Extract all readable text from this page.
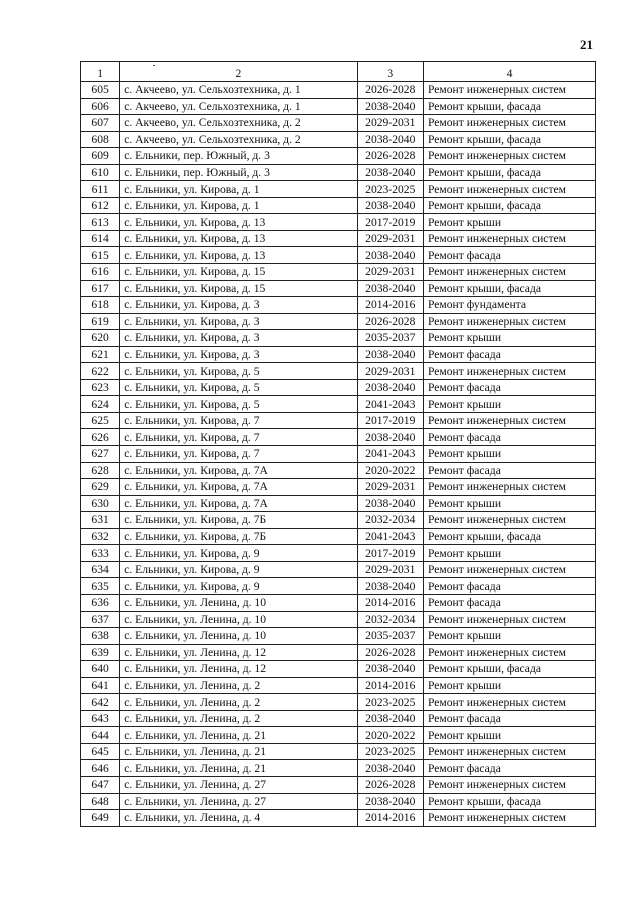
21
1	2	3	4
605	с. Акчеево, ул. Сельхозтехника, д. 1	2026-2028	Ремонт инженерных систем
606	с. Акчеево, ул. Сельхозтехника, д. 1	2038-2040	Ремонт крыши, фасада
607	с. Акчеево, ул. Сельхозтехника, д. 2	2029-2031	Ремонт инженерных систем
608	с. Акчеево, ул. Сельхозтехника, д. 2	2038-2040	Ремонт крыши, фасада
609	с. Ельники, пер. Южный, д. 3	2026-2028	Ремонт инженерных систем
610	с. Ельники, пер. Южный, д. 3	2038-2040	Ремонт крыши, фасада
611	с. Ельники, ул. Кирова, д. 1	2023-2025	Ремонт инженерных систем
612	с. Ельники, ул. Кирова, д. 1	2038-2040	Ремонт крыши, фасада
613	с. Ельники, ул. Кирова, д. 13	2017-2019	Ремонт крыши
614	с. Ельники, ул. Кирова, д. 13	2029-2031	Ремонт инженерных систем
615	с. Ельники, ул. Кирова, д. 13	2038-2040	Ремонт фасада
616	с. Ельники, ул. Кирова, д. 15	2029-2031	Ремонт инженерных систем
617	с. Ельники, ул. Кирова, д. 15	2038-2040	Ремонт крыши, фасада
618	с. Ельники, ул. Кирова, д. 3	2014-2016	Ремонт фундамента
619	с. Ельники, ул. Кирова, д. 3	2026-2028	Ремонт инженерных систем
620	с. Ельники, ул. Кирова, д. 3	2035-2037	Ремонт крыши
621	с. Ельники, ул. Кирова, д. 3	2038-2040	Ремонт фасада
622	с. Ельники, ул. Кирова, д. 5	2029-2031	Ремонт инженерных систем
623	с. Ельники, ул. Кирова, д. 5	2038-2040	Ремонт фасада
624	с. Ельники, ул. Кирова, д. 5	2041-2043	Ремонт крыши
625	с. Ельники, ул. Кирова, д. 7	2017-2019	Ремонт инженерных систем
626	с. Ельники, ул. Кирова, д. 7	2038-2040	Ремонт фасада
627	с. Ельники, ул. Кирова, д. 7	2041-2043	Ремонт крыши
628	с. Ельники, ул. Кирова, д. 7А	2020-2022	Ремонт фасада
629	с. Ельники, ул. Кирова, д. 7А	2029-2031	Ремонт инженерных систем
630	с. Ельники, ул. Кирова, д. 7А	2038-2040	Ремонт крыши
631	с. Ельники, ул. Кирова, д. 7Б	2032-2034	Ремонт инженерных систем
632	с. Ельники, ул. Кирова, д. 7Б	2041-2043	Ремонт крыши, фасада
633	с. Ельники, ул. Кирова, д. 9	2017-2019	Ремонт крыши
634	с. Ельники, ул. Кирова, д. 9	2029-2031	Ремонт инженерных систем
635	с. Ельники, ул. Кирова, д. 9	2038-2040	Ремонт фасада
636	с. Ельники, ул. Ленина, д. 10	2014-2016	Ремонт фасада
637	с. Ельники, ул. Ленина, д. 10	2032-2034	Ремонт инженерных систем
638	с. Ельники, ул. Ленина, д. 10	2035-2037	Ремонт крыши
639	с. Ельники, ул. Ленина, д. 12	2026-2028	Ремонт инженерных систем
640	с. Ельники, ул. Ленина, д. 12	2038-2040	Ремонт крыши, фасада
641	с. Ельники, ул. Ленина, д. 2	2014-2016	Ремонт крыши
642	с. Ельники, ул. Ленина, д. 2	2023-2025	Ремонт инженерных систем
643	с. Ельники, ул. Ленина, д. 2	2038-2040	Ремонт фасада
644	с. Ельники, ул. Ленина, д. 21	2020-2022	Ремонт крыши
645	с. Ельники, ул. Ленина, д. 21	2023-2025	Ремонт инженерных систем
646	с. Ельники, ул. Ленина, д. 21	2038-2040	Ремонт фасада
647	с. Ельники, ул. Ленина, д. 27	2026-2028	Ремонт инженерных систем
648	с. Ельники, ул. Ленина, д. 27	2038-2040	Ремонт крыши, фасада
649	с. Ельники, ул. Ленина, д. 4	2014-2016	Ремонт инженерных систем
